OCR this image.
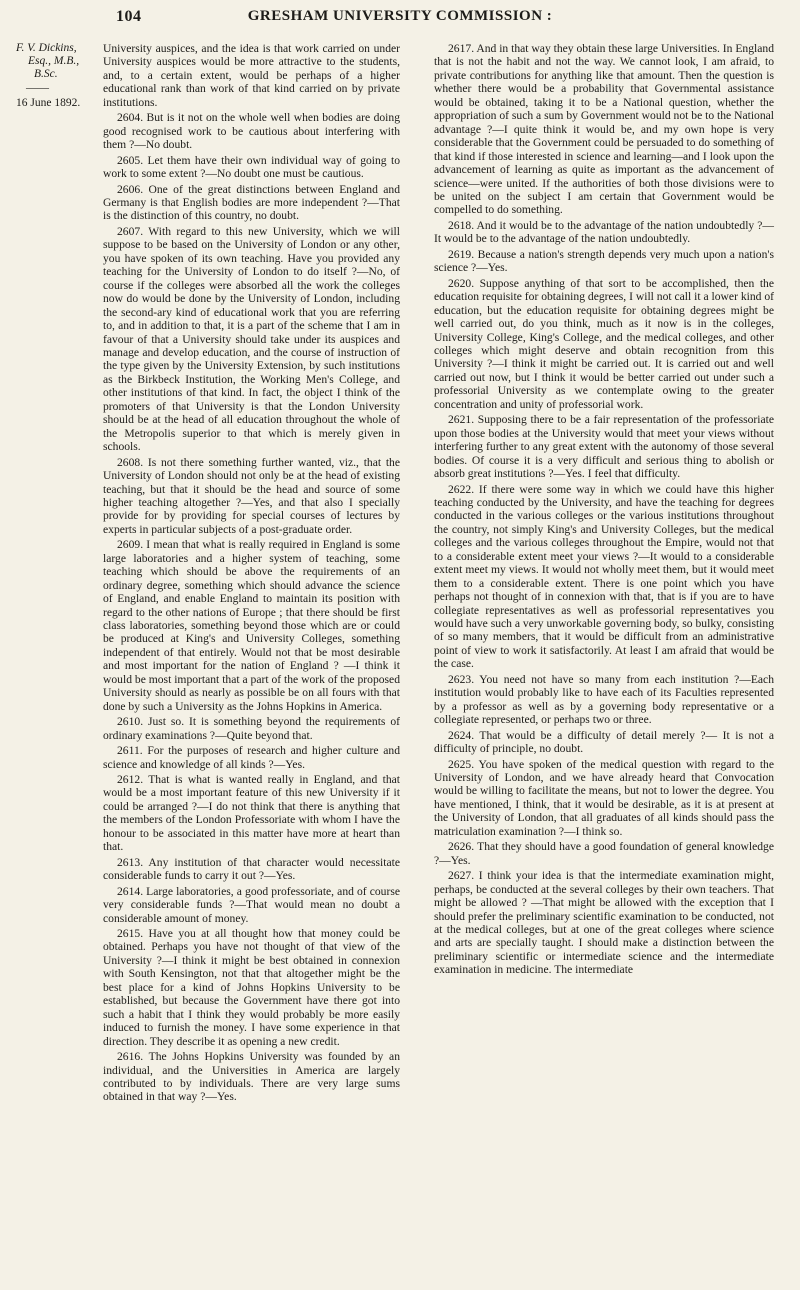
104	GRESHAM UNIVERSITY COMMISSION :
F. V. Dickins,
Esq., M.B.,
B.Sc.
——
16 June 1892.

University auspices, and the idea is that work carried on under University auspices would be more attractive to the students, and, to a certain extent, would be perhaps of a higher educational rank than work of that kind carried on by private institutions.

2604. But is it not on the whole well when bodies are doing good recognised work to be cautious about interfering with them ?—No doubt.

2605. Let them have their own individual way of going to work to some extent ?—No doubt one must be cautious.

2606. One of the great distinctions between England and Germany is that English bodies are more independent ?—That is the distinction of this country, no doubt.

2607. With regard to this new University, which we will suppose to be based on the University of London or any other, you have spoken of its own teaching. Have you provided any teaching for the University of London to do itself ?—No, of course if the colleges were absorbed all the work the colleges now do would be done by the University of London, including the second-ary kind of educational work that you are referring to, and in addition to that, it is a part of the scheme that I am in favour of that a University should take under its auspices and manage and develop education, and the course of instruction of the type given by the University Extension, by such institutions as the Birkbeck Institution, the Working Men's College, and other institutions of that kind. In fact, the object I think of the promoters of that University is that the London University should be at the head of all education throughout the whole of the Metropolis superior to that which is merely given in schools.

2608. Is not there something further wanted, viz., that the University of London should not only be at the head of existing teaching, but that it should be the head and source of some higher teaching altogether ?—Yes, and that also I specially provide for by providing for special courses of lectures by experts in particular subjects of a post-graduate order.

2609. I mean that what is really required in England is some large laboratories and a higher system of teaching, some teaching which should be above the requirements of an ordinary degree, something which should advance the science of England, and enable England to maintain its position with regard to the other nations of Europe ; that there should be first class laboratories, something beyond those which are or could be produced at King's and University Colleges, something independent of that entirely. Would not that be most desirable and most important for the nation of England ? —I think it would be most important that a part of the work of the proposed University should as nearly as possible be on all fours with that done by such a University as the Johns Hopkins in America.

2610. Just so. It is something beyond the requirements of ordinary examinations ?—Quite beyond that.

2611. For the purposes of research and higher culture and science and knowledge of all kinds ?—Yes.

2612. That is what is wanted really in England, and that would be a most important feature of this new University if it could be arranged ?—I do not think that there is anything that the members of the London Professoriate with whom I have the honour to be associated in this matter have more at heart than that.

2613. Any institution of that character would necessitate considerable funds to carry it out ?—Yes.

2614. Large laboratories, a good professoriate, and of course very considerable funds ?—That would mean no doubt a considerable amount of money.

2615. Have you at all thought how that money could be obtained. Perhaps you have not thought of that view of the University ?—I think it might be best obtained in connexion with South Kensington, not that that altogether might be the best place for a kind of Johns Hopkins University to be established, but because the Government have there got into such a habit that I think they would probably be more easily induced to furnish the money. I have some experience in that direction. They describe it as opening a new credit.

2616. The Johns Hopkins University was founded by an individual, and the Universities in America are largely contributed to by individuals. There are very large sums obtained in that way ?—Yes.

2617. And in that way they obtain these large Universities. In England that is not the habit and not the way. We cannot look, I am afraid, to private contributions for anything like that amount. Then the question is whether there would be a probability that Governmental assistance would be obtained, taking it to be a National question, whether the appropriation of such a sum by Government would not be to the National advantage ?—I quite think it would be, and my own hope is very considerable that the Government could be persuaded to do something of that kind if those interested in science and learning—and I look upon the advancement of learning as quite as important as the advancement of science—were united. If the authorities of both those divisions were to be united on the subject I am certain that Government would be compelled to do something.

2618. And it would be to the advantage of the nation undoubtedly ?—It would be to the advantage of the nation undoubtedly.

2619. Because a nation's strength depends very much upon a nation's science ?—Yes.

2620. Suppose anything of that sort to be accomplished, then the education requisite for obtaining degrees, I will not call it a lower kind of education, but the education requisite for obtaining degrees might be well carried out, do you think, much as it now is in the colleges, University College, King's College, and the medical colleges, and other colleges which might deserve and obtain recognition from this University ?—I think it might be carried out. It is carried out and well carried out now, but I think it would be better carried out under such a professorial University as we contemplate owing to the greater concentration and unity of professorial work.

2621. Supposing there to be a fair representation of the professoriate upon those bodies at the University would that meet your views without interfering further to any great extent with the autonomy of those several bodies. Of course it is a very difficult and serious thing to abolish or absorb great institutions ?—Yes. I feel that difficulty.

2622. If there were some way in which we could have this higher teaching conducted by the University, and have the teaching for degrees conducted in the various colleges or the various institutions throughout the country, not simply King's and University Colleges, but the medical colleges and the various colleges throughout the Empire, would not that to a considerable extent meet your views ?—It would to a considerable extent meet my views. It would not wholly meet them, but it would meet them to a considerable extent. There is one point which you have perhaps not thought of in connexion with that, that is if you are to have collegiate representatives as well as professorial representatives you would have such a very unworkable governing body, so bulky, consisting of so many members, that it would be difficult from an administrative point of view to work it satisfactorily. At least I am afraid that would be the case.

2623. You need not have so many from each institution ?—Each institution would probably like to have each of its Faculties represented by a professor as well as by a governing body representative or a collegiate represented, or perhaps two or three.

2624. That would be a difficulty of detail merely ?— It is not a difficulty of principle, no doubt.

2625. You have spoken of the medical question with regard to the University of London, and we have already heard that Convocation would be willing to facilitate the means, but not to lower the degree. You have mentioned, I think, that it would be desirable, as it is at present at the University of London, that all graduates of all kinds should pass the matriculation examination ?—I think so.

2626. That they should have a good foundation of general knowledge ?—Yes.

2627. I think your idea is that the intermediate examination might, perhaps, be conducted at the several colleges by their own teachers. That might be allowed ? —That might be allowed with the exception that I should prefer the preliminary scientific examination to be conducted, not at the medical colleges, but at one of the great colleges where science and arts are specially taught. I should make a distinction between the preliminary scientific or intermediate science and the intermediate examination in medicine. The intermediate
